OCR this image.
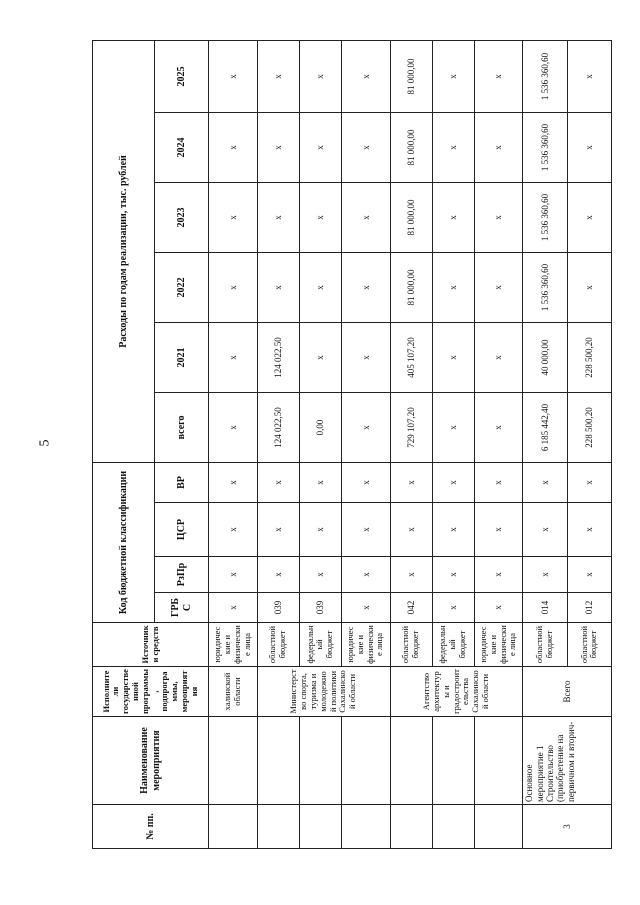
5
№ пп.	Наименование мероприятия	Исполнители государственной программы, подпрограммы, мероприятия	Источники средств	Код бюджетной классификации				Расходы по годам реализации, тыс. рублей					
				ГРБС	РзПр	ЦСР	ВР	всего	2021	2022	2023	2024	2025
		халинской области	юридические и физические лица	х	х	х	х	х	х	х	х	х	х
		Министерство спорта, туризма и молодежной политики Сахалинской области	областной бюджет	039	х	х	х	124 022,50	124 022,50	х	х	х	х
			федеральный бюджет	039	х	х	х	0,00	х	х	х	х	х
			юридические и физические лица	х	х	х	х	х	х	х	х	х	х
		Агентство архитектуры и градостроительства Сахалинской области	областной бюджет	042	х	х	х	729 107,20	405 107,20	81 000,00	81 000,00	81 000,00	81 000,00
			федеральный бюджет	х	х	х	х	х	х	х	х	х	х
			юридические и физические лица	х	х	х	х	х	х	х	х	х	х
3	Основное мероприятие 1 Строительство (приобретение на первичном и вторич-	Всего	областной бюджет	014	х	х	х	6 185 442,40	40 000,00	1 536 360,60	1 536 360,60	1 536 360,60	1 536 360,60
			областной бюджет	012	х	х	х	228 500,20	228 500,20	х	х	х	х
